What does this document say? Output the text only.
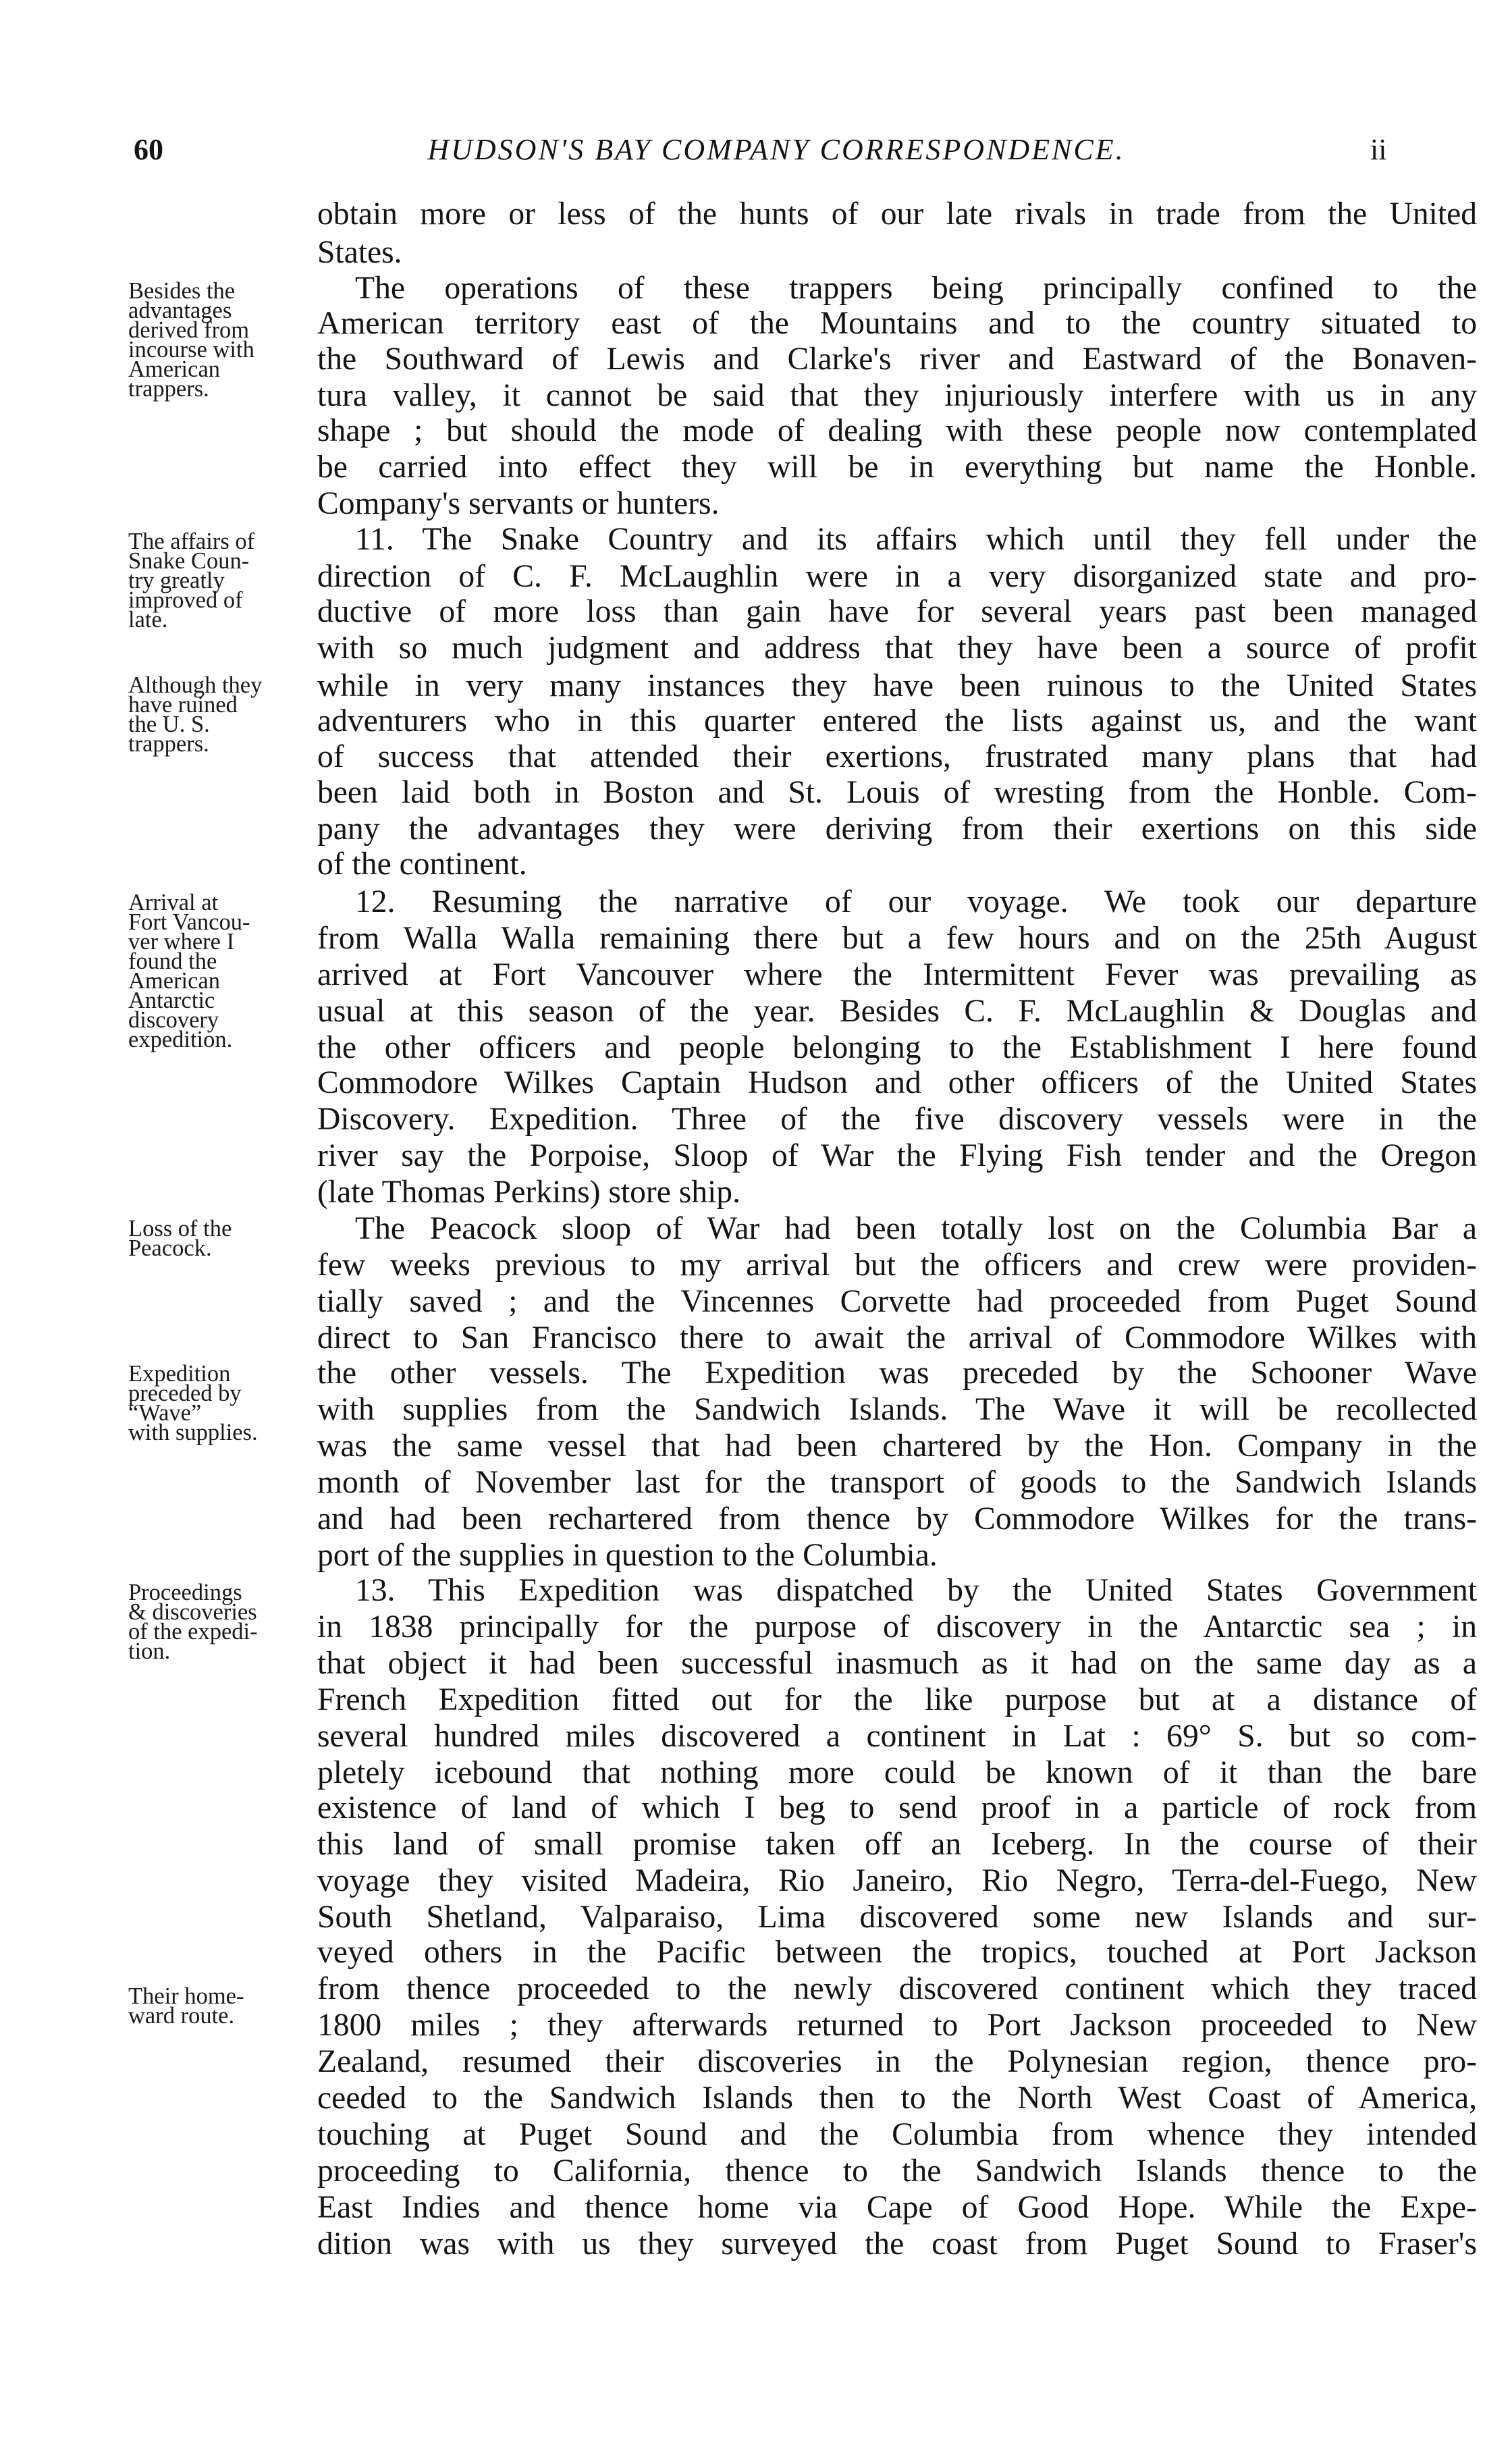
60	HUDSON'S BAY COMPANY CORRESPONDENCE.	ii
Besides the
advantages
derived from
incourse with
American
trappers.
The affairs of
Snake Coun-
try greatly
improved of
late.
Although they
have ruined
the U. S.
trappers.
Arrival at
Fort Vancou-
ver where I
found the
American
Antarctic
discovery
expedition.
Loss of the
Peacock.
Expedition
preceded by
“Wave”
with supplies.
Proceedings
& discoveries
of the expedi-
tion.
Their home-
ward route.
obtain more or less of the hunts of our late rivals in trade from the United
States.
The operations of these trappers being principally confined to the
American territory east of the Mountains and to the country situated to
the Southward of Lewis and Clarke's river and Eastward of the Bonaven-
tura valley, it cannot be said that they injuriously interfere with us in any
shape ; but should the mode of dealing with these people now contemplated
be carried into effect they will be in everything but name the Honble.
Company's servants or hunters.
11. The Snake Country and its affairs which until they fell under the
direction of C. F. McLaughlin were in a very disorganized state and pro-
ductive of more loss than gain have for several years past been managed
with so much judgment and address that they have been a source of profit
while in very many instances they have been ruinous to the United States
adventurers who in this quarter entered the lists against us, and the want
of success that attended their exertions, frustrated many plans that had
been laid both in Boston and St. Louis of wresting from the Honble. Com-
pany the advantages they were deriving from their exertions on this side
of the continent.
12. Resuming the narrative of our voyage. We took our departure
from Walla Walla remaining there but a few hours and on the 25th August
arrived at Fort Vancouver where the Intermittent Fever was prevailing as
usual at this season of the year. Besides C. F. McLaughlin & Douglas and
the other officers and people belonging to the Establishment I here found
Commodore Wilkes Captain Hudson and other officers of the United States
Discovery. Expedition. Three of the five discovery vessels were in the
river say the Porpoise, Sloop of War the Flying Fish tender and the Oregon
(late Thomas Perkins) store ship.
The Peacock sloop of War had been totally lost on the Columbia Bar a
few weeks previous to my arrival but the officers and crew were providen-
tially saved ; and the Vincennes Corvette had proceeded from Puget Sound
direct to San Francisco there to await the arrival of Commodore Wilkes with
the other vessels. The Expedition was preceded by the Schooner Wave
with supplies from the Sandwich Islands. The Wave it will be recollected
was the same vessel that had been chartered by the Hon. Company in the
month of November last for the transport of goods to the Sandwich Islands
and had been rechartered from thence by Commodore Wilkes for the trans-
port of the supplies in question to the Columbia.
13. This Expedition was dispatched by the United States Government
in 1838 principally for the purpose of discovery in the Antarctic sea ; in
that object it had been successful inasmuch as it had on the same day as a
French Expedition fitted out for the like purpose but at a distance of
several hundred miles discovered a continent in Lat : 69° S. but so com-
pletely icebound that nothing more could be known of it than the bare
existence of land of which I beg to send proof in a particle of rock from
this land of small promise taken off an Iceberg. In the course of their
voyage they visited Madeira, Rio Janeiro, Rio Negro, Terra-del-Fuego, New
South Shetland, Valparaiso, Lima discovered some new Islands and sur-
veyed others in the Pacific between the tropics, touched at Port Jackson
from thence proceeded to the newly discovered continent which they traced
1800 miles ; they afterwards returned to Port Jackson proceeded to New
Zealand, resumed their discoveries in the Polynesian region, thence pro-
ceeded to the Sandwich Islands then to the North West Coast of America,
touching at Puget Sound and the Columbia from whence they intended
proceeding to California, thence to the Sandwich Islands thence to the
East Indies and thence home via Cape of Good Hope. While the Expe-
dition was with us they surveyed the coast from Puget Sound to Fraser's
